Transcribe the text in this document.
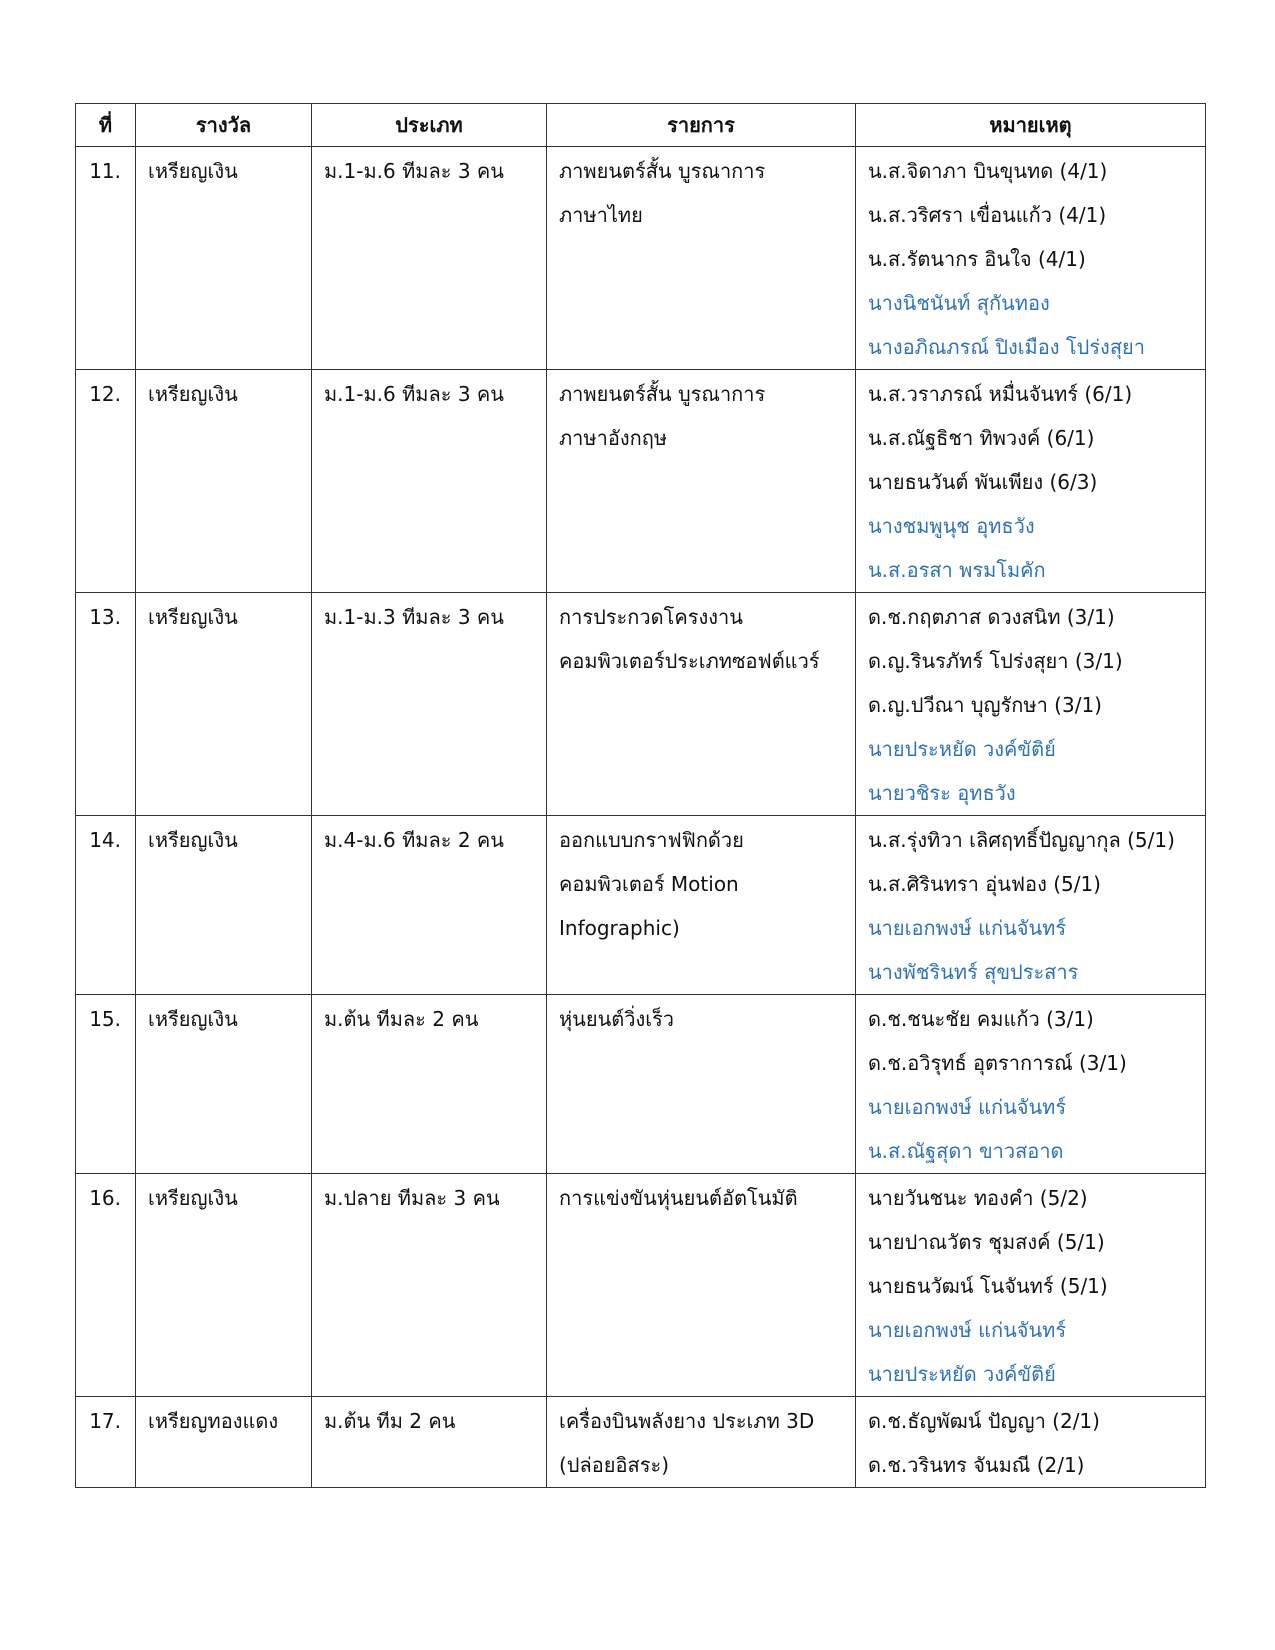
ที่	รางวัล	ประเภท	รายการ	หมายเหตุ

11.	เหรียญเงิน	ม.1-ม.6 ทีมละ 3 คน	ภาพยนตร์สั้น บูรณาการ
ภาษาไทย	น.ส.จิดาภา บินขุนทด (4/1)
น.ส.วริศรา เขื่อนแก้ว (4/1)
น.ส.รัตนากร อินใจ (4/1)
นางนิชนันท์ สุกันทอง
นางอภิณภรณ์ ปิงเมือง โปร่งสุยา

12.	เหรียญเงิน	ม.1-ม.6 ทีมละ 3 คน	ภาพยนตร์สั้น บูรณาการ
ภาษาอังกฤษ	น.ส.วราภรณ์ หมื่นจันทร์ (6/1)
น.ส.ณัฐธิชา ทิพวงค์ (6/1)
นายธนวันต์ พันเพียง (6/3)
นางชมพูนุช อุทธวัง
น.ส.อรสา พรมโมคัก

13.	เหรียญเงิน	ม.1-ม.3 ทีมละ 3 คน	การประกวดโครงงาน
คอมพิวเตอร์ประเภทซอฟต์แวร์	ด.ช.กฤตภาส ดวงสนิท (3/1)
ด.ญ.รินรภัทร์ โปร่งสุยา (3/1)
ด.ญ.ปวีณา บุญรักษา (3/1)
นายประหยัด วงค์ขัติย์
นายวชิระ อุทธวัง

14.	เหรียญเงิน	ม.4-ม.6 ทีมละ 2 คน	ออกแบบกราฟฟิกด้วย
คอมพิวเตอร์ Motion
Infographic)	น.ส.รุ่งทิวา เลิศฤทธิ์ปัญญากุล (5/1)
น.ส.ศิรินทรา อุ่นฟอง (5/1)
นายเอกพงษ์ แก่นจันทร์
นางพัชรินทร์ สุขประสาร

15.	เหรียญเงิน	ม.ต้น ทีมละ 2 คน	หุ่นยนต์วิ่งเร็ว	ด.ช.ชนะชัย คมแก้ว (3/1)
ด.ช.อวิรุทธ์ อุตราการณ์ (3/1)
นายเอกพงษ์ แก่นจันทร์
น.ส.ณัฐสุดา ขาวสอาด

16.	เหรียญเงิน	ม.ปลาย ทีมละ 3 คน	การแข่งขันหุ่นยนต์อัตโนมัติ	นายวันชนะ ทองคำ (5/2)
นายปาณวัตร ชุมสงค์ (5/1)
นายธนวัฒน์ โนจันทร์ (5/1)
นายเอกพงษ์ แก่นจันทร์
นายประหยัด วงค์ขัติย์

17.	เหรียญทองแดง	ม.ต้น ทีม 2 คน	เครื่องบินพลังยาง ประเภท 3D
(ปล่อยอิสระ)	ด.ช.ธัญพัฒน์ ปัญญา (2/1)
ด.ช.วรินทร จันมณี (2/1)
